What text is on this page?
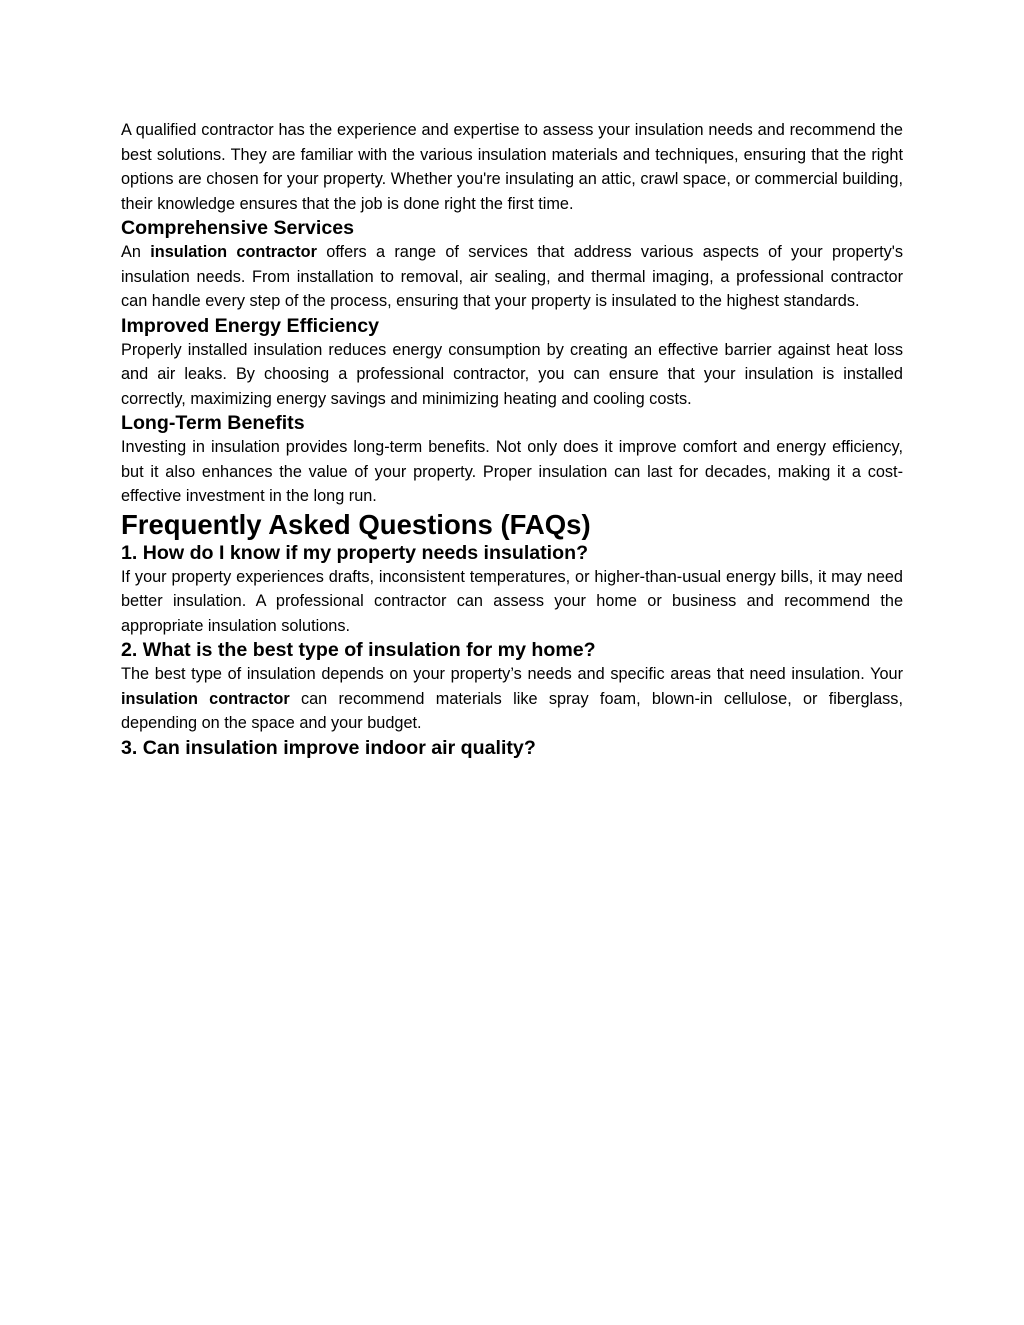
A qualified contractor has the experience and expertise to assess your insulation needs and recommend the best solutions. They are familiar with the various insulation materials and techniques, ensuring that the right options are chosen for your property. Whether you're insulating an attic, crawl space, or commercial building, their knowledge ensures that the job is done right the first time.

Comprehensive Services

An insulation contractor offers a range of services that address various aspects of your property's insulation needs. From installation to removal, air sealing, and thermal imaging, a professional contractor can handle every step of the process, ensuring that your property is insulated to the highest standards.

Improved Energy Efficiency

Properly installed insulation reduces energy consumption by creating an effective barrier against heat loss and air leaks. By choosing a professional contractor, you can ensure that your insulation is installed correctly, maximizing energy savings and minimizing heating and cooling costs.

Long-Term Benefits

Investing in insulation provides long-term benefits. Not only does it improve comfort and energy efficiency, but it also enhances the value of your property. Proper insulation can last for decades, making it a cost-effective investment in the long run.

Frequently Asked Questions (FAQs)
1. How do I know if my property needs insulation?

If your property experiences drafts, inconsistent temperatures, or higher-than-usual energy bills, it may need better insulation. A professional contractor can assess your home or business and recommend the appropriate insulation solutions.

2. What is the best type of insulation for my home?

The best type of insulation depends on your property’s needs and specific areas that need insulation. Your insulation contractor can recommend materials like spray foam, blown-in cellulose, or fiberglass, depending on the space and your budget.

3. Can insulation improve indoor air quality?
